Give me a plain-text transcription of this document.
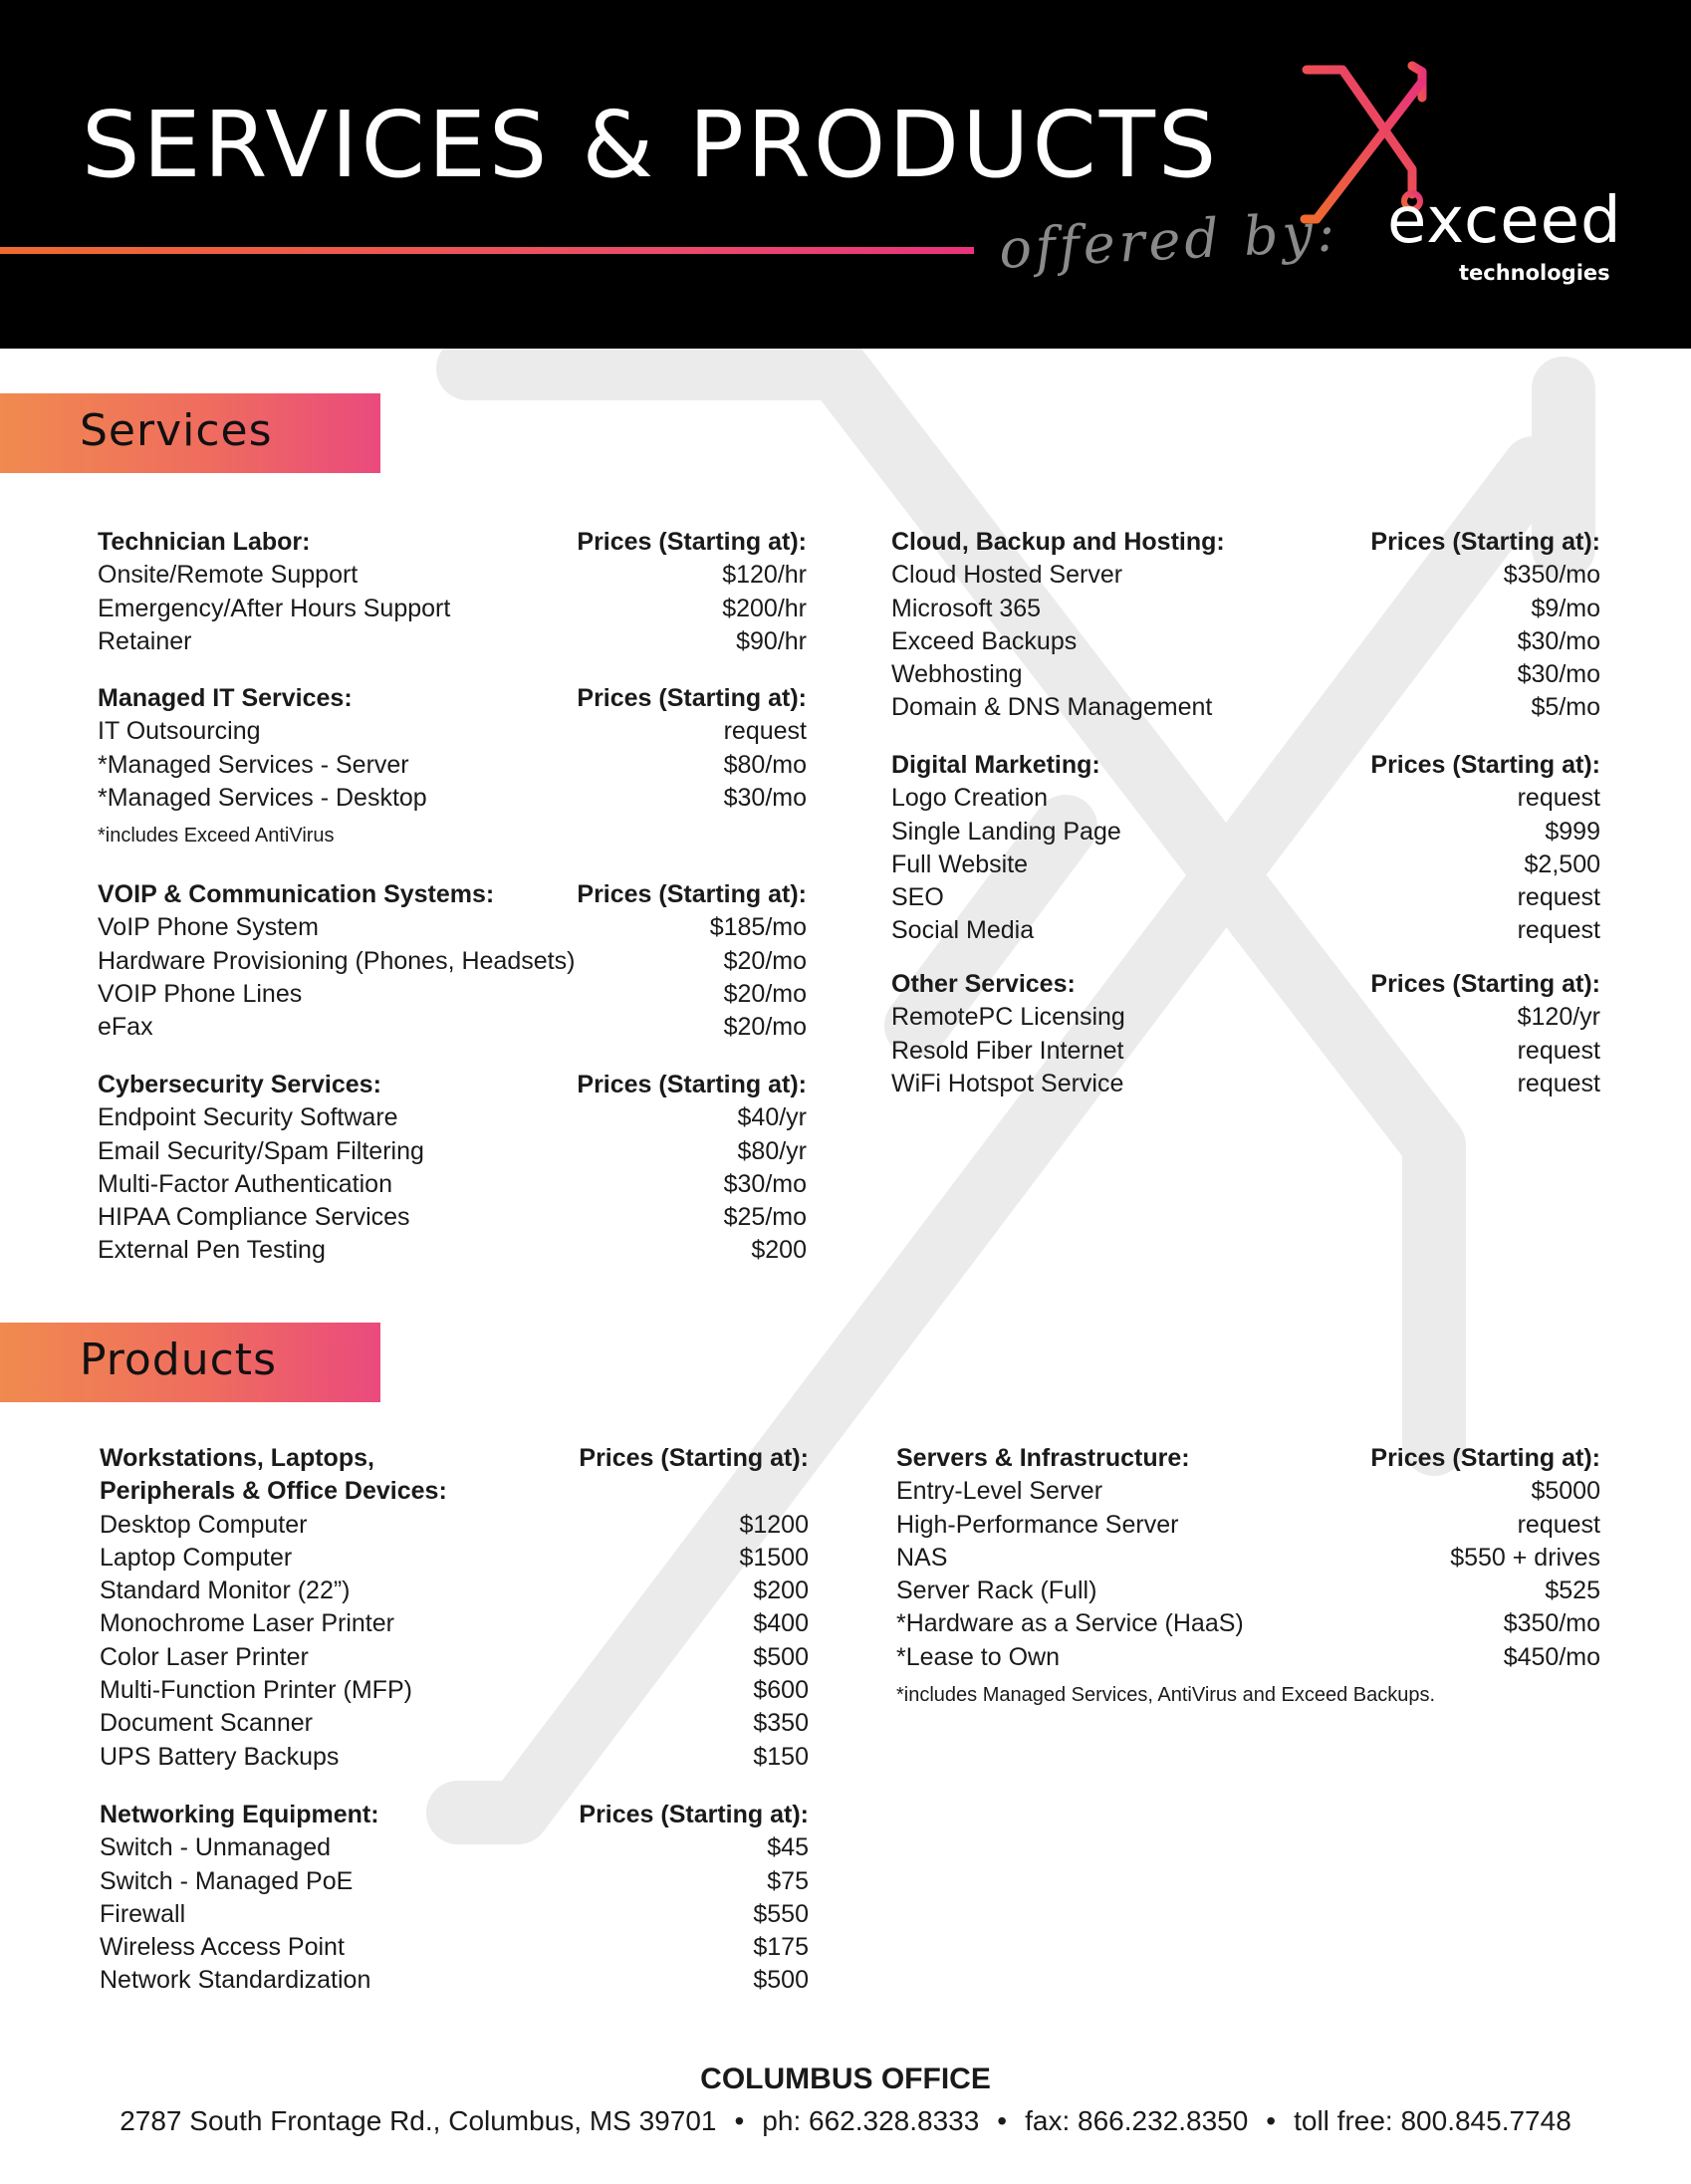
SERVICES & PRODUCTS
offered by: exceed
technologies
Services
Technician Labor:	Prices (Starting at):
Onsite/Remote Support	$120/hr
Emergency/After Hours Support	$200/hr
Retainer	$90/hr
Managed IT Services:	Prices (Starting at):
IT Outsourcing	request
*Managed Services - Server	$80/mo
*Managed Services - Desktop	$30/mo
*includes Exceed AntiVirus
VOIP & Communication Systems:	Prices (Starting at):
VoIP Phone System	$185/mo
Hardware Provisioning (Phones, Headsets)	$20/mo
VOIP Phone Lines	$20/mo
eFax	$20/mo
Cybersecurity Services:	Prices (Starting at):
Endpoint Security Software	$40/yr
Email Security/Spam Filtering	$80/yr
Multi-Factor Authentication	$30/mo
HIPAA Compliance Services	$25/mo
External Pen Testing	$200
Cloud, Backup and Hosting:	Prices (Starting at):
Cloud Hosted Server	$350/mo
Microsoft 365	$9/mo
Exceed Backups	$30/mo
Webhosting	$30/mo
Domain & DNS Management	$5/mo
Digital Marketing:	Prices (Starting at):
Logo Creation	request
Single Landing Page	$999
Full Website	$2,500
SEO	request
Social Media	request
Other Services:	Prices (Starting at):
RemotePC Licensing	$120/yr
Resold Fiber Internet	request
WiFi Hotspot Service	request
Products
Workstations, Laptops,	Prices (Starting at):
Peripherals & Office Devices:
Desktop Computer	$1200
Laptop Computer	$1500
Standard Monitor (22”)	$200
Monochrome Laser Printer	$400
Color Laser Printer	$500
Multi-Function Printer (MFP)	$600
Document Scanner	$350
UPS Battery Backups	$150
Networking Equipment:	Prices (Starting at):
Switch - Unmanaged	$45
Switch - Managed PoE	$75
Firewall	$550
Wireless Access Point	$175
Network Standardization	$500
Servers & Infrastructure:	Prices (Starting at):
Entry-Level Server	$5000
High-Performance Server	request
NAS	$550 + drives
Server Rack (Full)	$525
*Hardware as a Service (HaaS)	$350/mo
*Lease to Own	$450/mo
*includes Managed Services, AntiVirus and Exceed Backups.
COLUMBUS OFFICE
2787 South Frontage Rd., Columbus, MS 39701 • ph: 662.328.8333 • fax: 866.232.8350 • toll free: 800.845.7748
